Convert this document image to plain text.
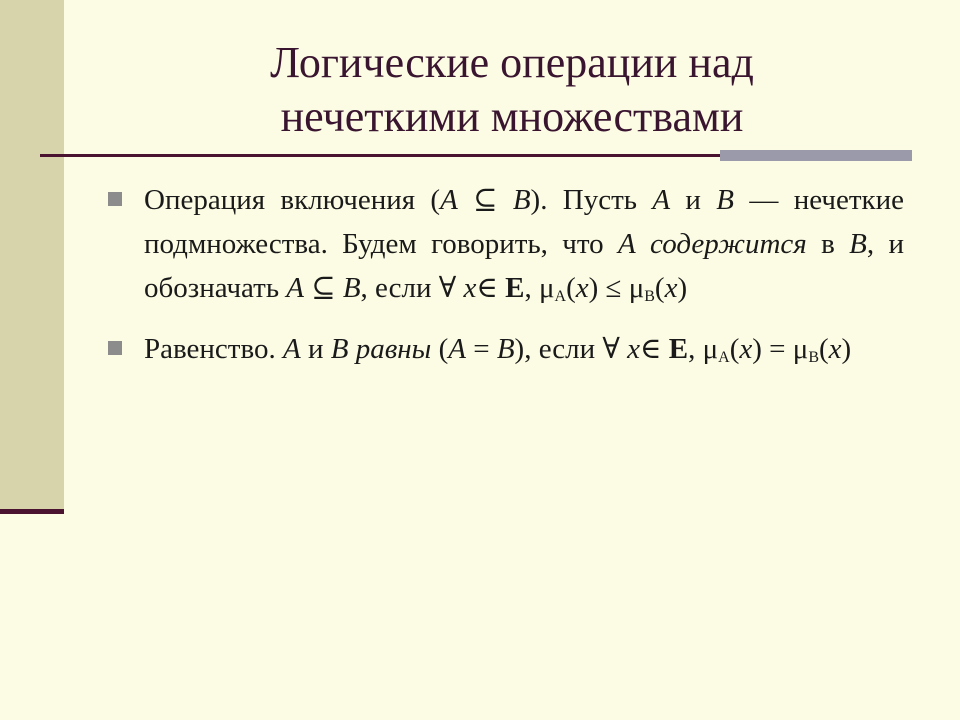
Логические операции над
нечеткими множествами
Операция включения (A ⊆ B). Пусть A и B — нечеткие подмножества. Будем говорить, что A содержится в B, и обозначать A ⊆ B, если ∀ x∈ E, $\mu_A(x) \le \mu_B(x)$
Равенство. A и B равны (A = B), если ∀ x∈ E, $\mu_A(x) = \mu_B(x)$
